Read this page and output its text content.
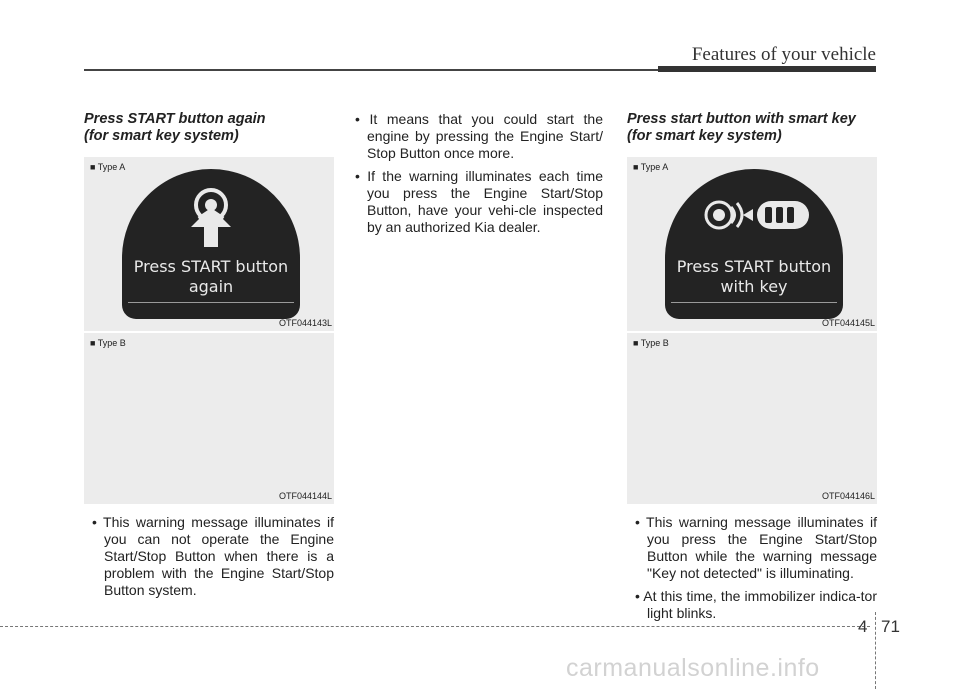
Features of your vehicle
Press START button again
(for smart key system)
■ Type A
Press START button
again
OTF044143L
■ Type B
OTF044144L
• This warning message illuminates if you can not operate the Engine Start/Stop Button when there is a problem with the Engine Start/Stop Button system.
• It means that you could start the engine by pressing the Engine Start/ Stop Button once more.
• If the warning illuminates each time you press the Engine Start/Stop Button, have your vehi-cle inspected by an authorized Kia dealer.
Press start button with smart key
(for smart key system)
■ Type A
Press START button
with key
OTF044145L
■ Type B
OTF044146L
• This warning message illuminates if you press the Engine Start/Stop Button while the warning message "Key not detected" is illuminating.
• At this time, the immobilizer indica-tor light blinks.
4 71
carmanualsonline.info
